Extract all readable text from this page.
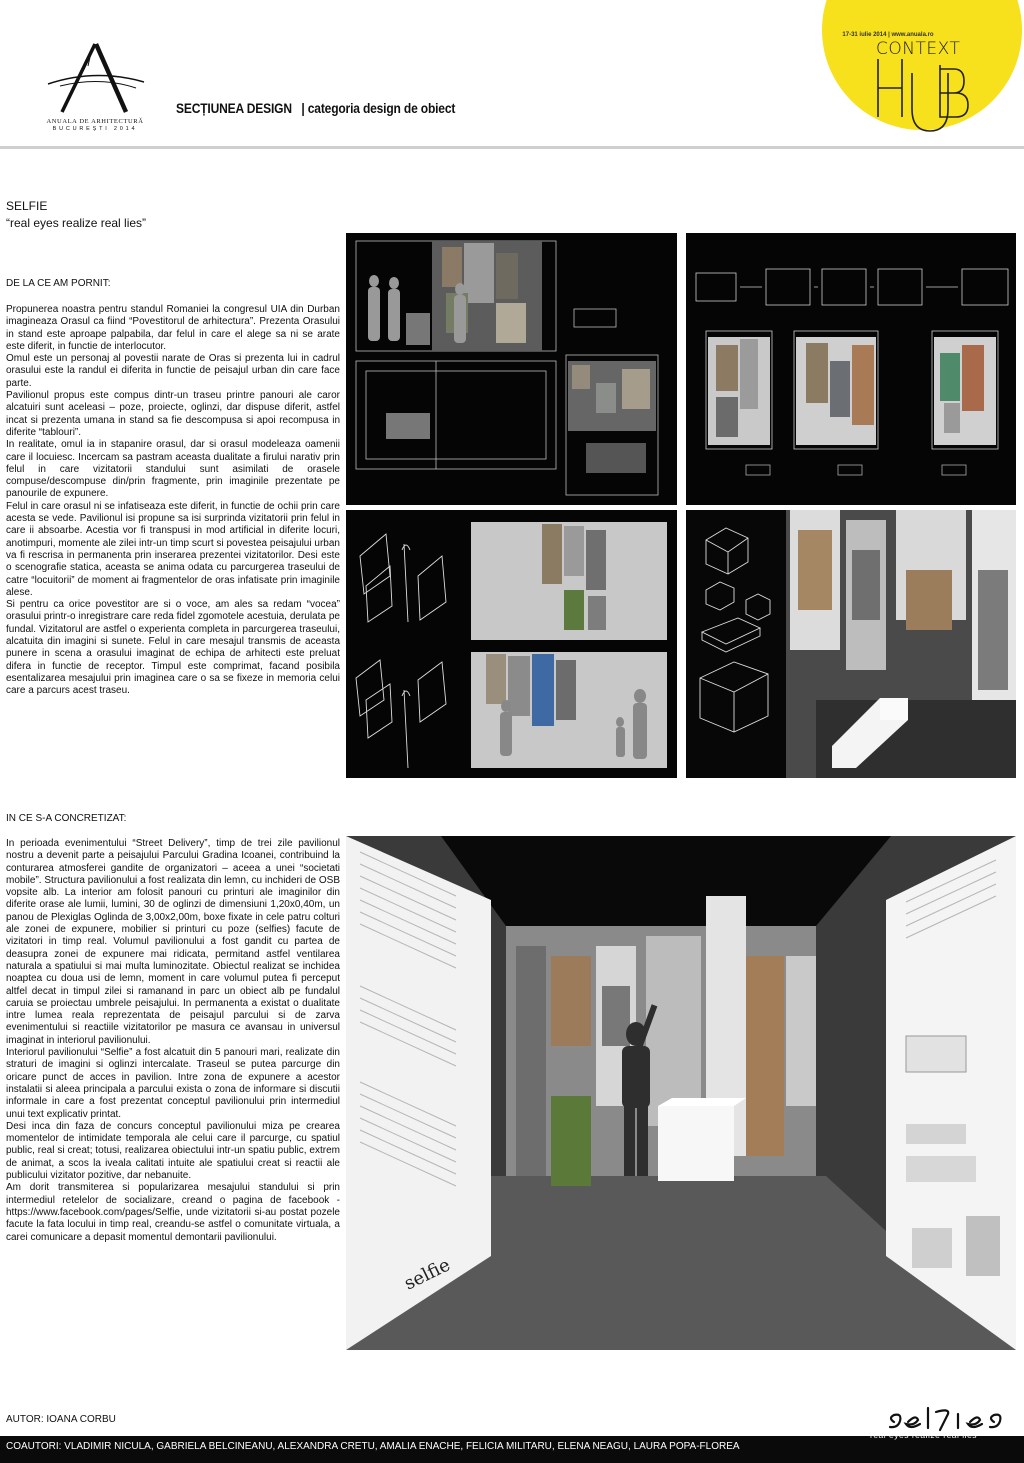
ANUALA DE ARHITECTURĂ
BUCUREȘTI 2014
SECȚIUNEA DESIGN | categoria design de obiect
17-31 iulie 2014 | www.anuala.ro
CONTEXT
SELFIE
“real eyes realize real lies”
DE LA CE AM PORNIT:

Propunerea noastra pentru standul Romaniei la congresul UIA din Durban imagineaza Orasul ca fiind “Povestitorul de arhitectura”. Prezenta Orasului in stand este aproape palpabila, dar felul in care el alege sa ni se arate este diferit, in functie de interlocutor.

Omul este un personaj al povestii narate de Oras si prezenta lui in cadrul orasului este la randul ei diferita in functie de peisajul urban din care face parte.

Pavilionul propus este compus dintr-un traseu printre panouri ale caror alcatuiri sunt aceleasi – poze, proiecte, oglinzi, dar dispuse diferit, astfel incat si prezenta umana in stand sa fie descompusa si apoi recompusa in diferite “tablouri”.

In realitate, omul ia in stapanire orasul, dar si orasul modeleaza oamenii care il locuiesc. Incercam sa pastram aceasta dualitate a firului narativ prin felul in care vizitatorii standului sunt asimilati de orasele compuse/descompuse din/prin fragmente, prin imaginile prezentate pe panourile de expunere.

Felul in care orasul ni se infatiseaza este diferit, in functie de ochii prin care acesta se vede. Pavilionul isi propune sa isi surprinda vizitatorii prin felul in care ii absoarbe. Acestia vor fi transpusi in mod artificial in diferite locuri, anotimpuri, momente ale zilei intr-un timp scurt si povestea peisajului urban va fi rescrisa in permanenta prin inserarea prezentei vizitatorilor. Desi este o scenografie statica, aceasta se anima odata cu parcurgerea traseului de catre “locuitorii” de moment ai fragmentelor de oras infatisate prin imaginile alese.

Si pentru ca orice povestitor are si o voce, am ales sa redam “vocea” orasului printr-o inregistrare care reda fidel zgomotele acestuia, derulata pe fundal. Vizitatorul are astfel o experienta completa in parcurgerea traseului, alcatuita din imagini si sunete. Felul in care mesajul transmis de aceasta punere in scena a orasului imaginat de echipa de arhitecti este preluat difera in functie de receptor. Timpul este comprimat, facand posibila esentalizarea mesajului prin imaginea care o sa se fixeze in memoria celui care a parcurs acest traseu.

IN CE S-A CONCRETIZAT:

In perioada evenimentului “Street Delivery”, timp de trei zile pavilionul nostru a devenit parte a peisajului Parcului Gradina Icoanei, contribuind la conturarea atmosferei gandite de organizatori – aceea a unei “societati mobile”. Structura pavilionului a fost realizata din lemn, cu inchideri de OSB vopsite alb. La interior am folosit panouri cu printuri ale imaginilor din diferite orase ale lumii, lumini, 30 de oglinzi de dimensiuni 1,20x0,40m, un panou de Plexiglas Oglinda de 3,00x2,00m, boxe fixate in cele patru colturi ale zonei de expunere, mobilier si printuri cu poze (selfies) facute de vizitatori in timp real. Volumul pavilionului a fost gandit cu partea de deasupra zonei de expunere mai ridicata, permitand astfel ventilarea naturala a spatiului si mai multa luminozitate. Obiectul realizat se inchidea noaptea cu doua usi de lemn, moment in care volumul putea fi perceput altfel decat in timpul zilei si ramanand in parc un obiect alb pe fundalul caruia se proiectau umbrele peisajului. In permanenta a existat o dualitate intre lumea reala reprezentata de peisajul parcului si de zarva evenimentului si reactiile vizitatorilor pe masura ce avansau in universul imaginat in interiorul pavilionului.

Interiorul pavilionului “Selfie” a fost alcatuit din 5 panouri mari, realizate din straturi de imagini si oglinzi intercalate. Traseul se putea parcurge din oricare punct de acces in pavilion. Intre zona de expunere a acestor instalatii si aleea principala a parcului exista o zona de informare si discutii informale in care a fost prezentat conceptul pavilionului prin intermediul unui text explicativ printat.

Desi inca din faza de concurs conceptul pavilionului miza pe crearea momentelor de intimidate temporala ale celui care il parcurge, cu spatiul public, real si creat; totusi, realizarea obiectului intr-un spatiu public, extrem de animat, a scos la iveala calitati intuite ale spatiului creat si reactii ale publicului vizitator pozitive, dar nebanuite.

Am dorit transmiterea si popularizarea mesajului standului si prin intermediul retelelor de socializare, creand o pagina de facebook - https://www.facebook.com/pages/Selfie, unde vizitatorii si-au postat pozele facute la fata locului in timp real, creandu-se astfel o comunitate virtuala, a carei comunicare a depasit momentul demontarii pavilionului.

selfie
AUTOR: IOANA CORBU
COAUTORI: VLADIMIR NICULA, GABRIELA BELCINEANU, ALEXANDRA CRETU, AMALIA ENACHE, FELICIA MILITARU, ELENA NEAGU, LAURA POPA-FLOREA
real eyes realize real lies
